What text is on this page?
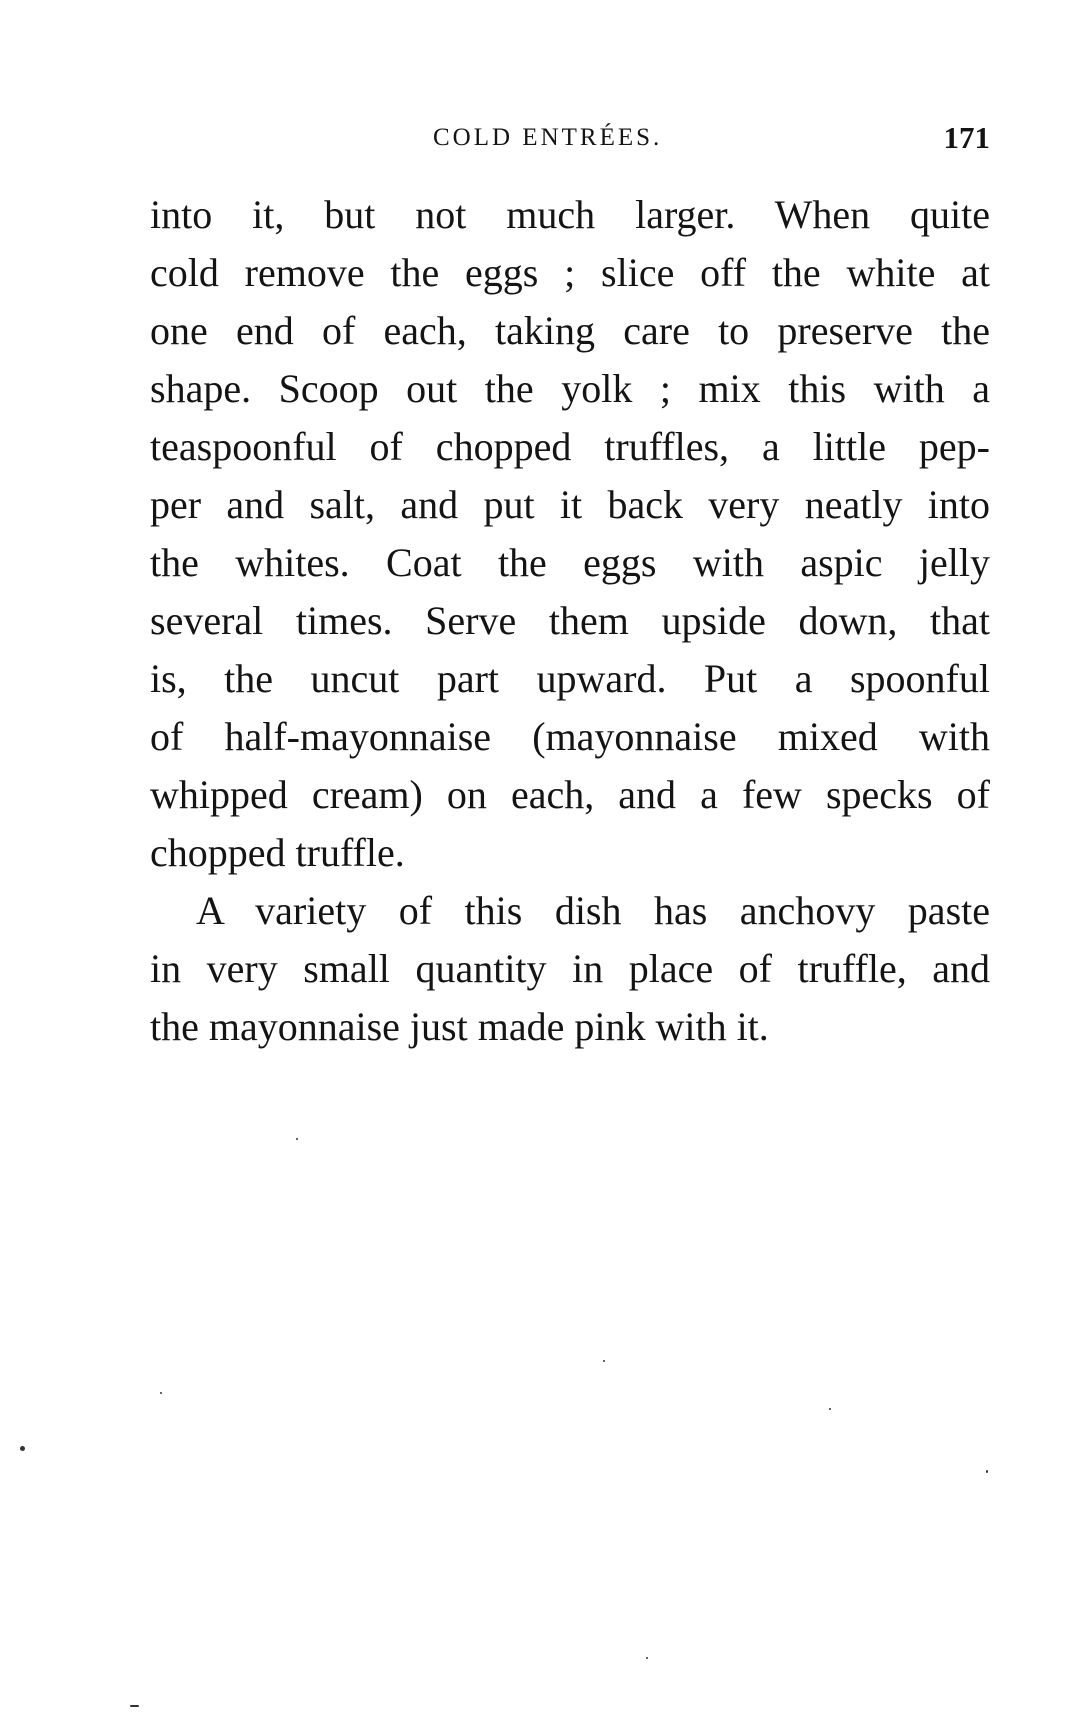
COLD ENTRÉES.	171
into it, but not much larger. When quite
cold remove the eggs ; slice off the white at
one end of each, taking care to preserve the
shape. Scoop out the yolk ; mix this with a
teaspoonful of chopped truffles, a little pep-
per and salt, and put it back very neatly into
the whites. Coat the eggs with aspic jelly
several times. Serve them upside down, that
is, the uncut part upward. Put a spoonful
of half-mayonnaise (mayonnaise mixed with
whipped cream) on each, and a few specks of
chopped truffle.
A variety of this dish has anchovy paste
in very small quantity in place of truffle, and
the mayonnaise just made pink with it.
